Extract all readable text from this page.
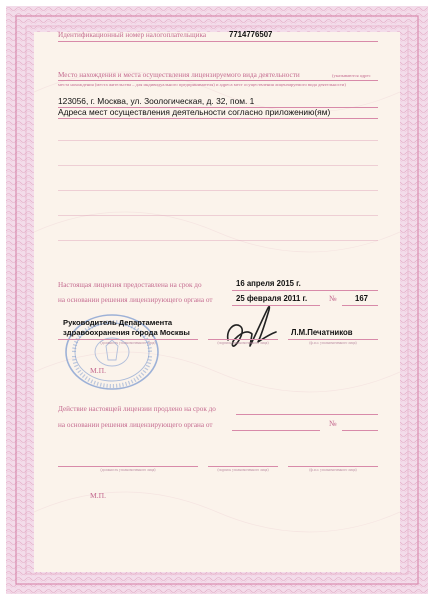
Идентификационный номер налогоплательщика	7714776507
Место нахождения и места осуществления лицензируемого вида деятельности	(указываются адрес
места нахождения (места жительства – для индивидуального предпринимателя) и адреса мест осуществления лицензируемого вида деятельности)
123056, г. Москва, ул. Зоологическая, д. 32, пом. 1
Адреса мест осуществления деятельности согласно приложению(ям)
Настоящая лицензия предоставлена на срок до	16 апреля 2015 г.
на основании решения лицензирующего органа от	25 февраля 2011 г.	№ 167
Руководитель Департамента
здравоохранения города Москвы	Л.М.Печатников
(должность уполномоченного лица)	(подпись уполномоченного лица)	(ф.и.о. уполномоченного лица)
М.П.
Действие настоящей лицензии продлено на срок до
на основании решения лицензирующего органа от	№
(должность уполномоченного лица)	(подпись уполномоченного лица)	(ф.и.о. уполномоченного лица)
М.П.
